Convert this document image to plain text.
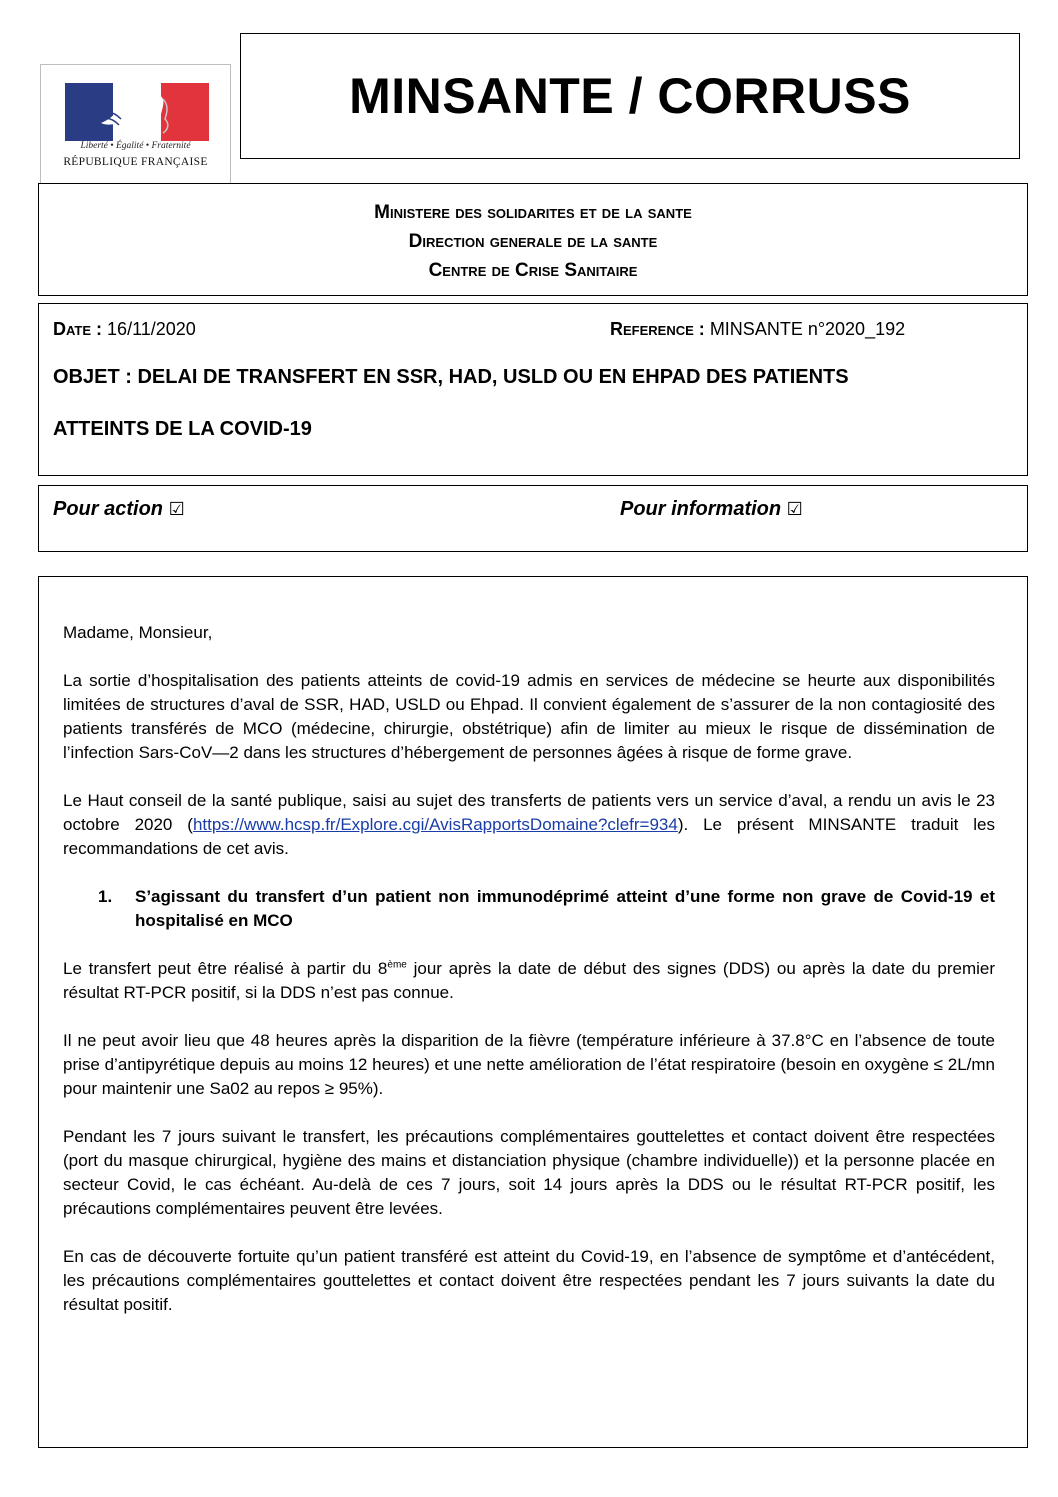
Liberté • Égalité • Fraternité
RÉPUBLIQUE FRANÇAISE
MINSANTE / CORRUSS
Ministere des solidarites et de la sante
Direction generale de la sante
Centre de Crise Sanitaire
Date : 16/11/2020	Reference : MINSANTE n°2020_192
OBJET : DELAI DE TRANSFERT EN SSR, HAD, USLD OU EN EHPAD DES PATIENTS
ATTEINTS DE LA COVID-19
Pour action ☑	Pour information ☑

Madame, Monsieur,

La sortie d’hospitalisation des patients atteints de covid-19 admis en services de médecine se heurte aux disponibilités limitées de structures d’aval de SSR, HAD, USLD ou Ehpad. Il convient également de s’assurer de la non contagiosité des patients transférés de MCO (médecine, chirurgie, obstétrique) afin de limiter au mieux le risque de dissémination de l’infection Sars-CoV—2 dans les structures d’hébergement de personnes âgées à risque de forme grave.

Le Haut conseil de la santé publique, saisi au sujet des transferts de patients vers un service d’aval, a rendu un avis le 23 octobre 2020 (https://www.hcsp.fr/Explore.cgi/AvisRapportsDomaine?clefr=934). Le présent MINSANTE traduit les recommandations de cet avis.

1. S’agissant du transfert d’un patient non immunodéprimé atteint d’une forme non grave de Covid-19 et hospitalisé en MCO

Le transfert peut être réalisé à partir du 8ème jour après la date de début des signes (DDS) ou après la date du premier résultat RT-PCR positif, si la DDS n’est pas connue.

Il ne peut avoir lieu que 48 heures après la disparition de la fièvre (température inférieure à 37.8°C en l’absence de toute prise d’antipyrétique depuis au moins 12 heures) et une nette amélioration de l’état respiratoire (besoin en oxygène ≤ 2L/mn pour maintenir une Sa02 au repos ≥ 95%).

Pendant les 7 jours suivant le transfert, les précautions complémentaires gouttelettes et contact doivent être respectées (port du masque chirurgical, hygiène des mains et distanciation physique (chambre individuelle)) et la personne placée en secteur Covid, le cas échéant. Au-delà de ces 7 jours, soit 14 jours après la DDS ou le résultat RT-PCR positif, les précautions complémentaires peuvent être levées.

En cas de découverte fortuite qu’un patient transféré est atteint du Covid-19, en l’absence de symptôme et d’antécédent, les précautions complémentaires gouttelettes et contact doivent être respectées pendant les 7 jours suivants la date du résultat positif.
